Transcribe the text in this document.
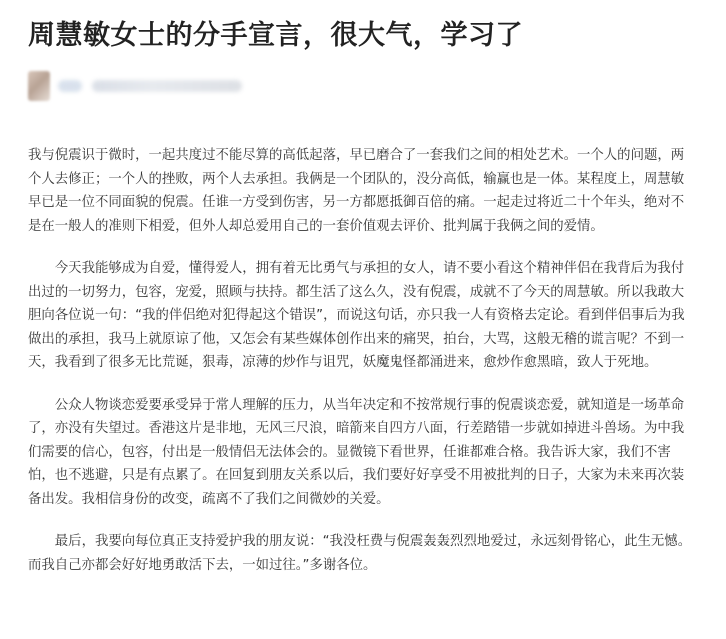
周慧敏女士的分手宣言，很大气，学习了

我与倪震识于微时，一起共度过不能尽算的高低起落，早已磨合了一套我们之间的相处艺术。一个人的问题，两个人去修正；一个人的挫败，两个人去承担。我俩是一个团队的，没分高低，输赢也是一体。某程度上，周慧敏早已是一位不同面貌的倪震。任谁一方受到伤害，另一方都愿抵御百倍的痛。一起走过将近二十个年头，绝对不是在一般人的准则下相爱，但外人却总爱用自己的一套价值观去评价、批判属于我俩之间的爱情。

今天我能够成为自爱，懂得爱人，拥有着无比勇气与承担的女人，请不要小看这个精神伴侣在我背后为我付出过的一切努力，包容，宠爱，照顾与扶持。都生活了这么久，没有倪震，成就不了今天的周慧敏。所以我敢大胆向各位说一句：“我的伴侣绝对犯得起这个错误”，而说这句话，亦只我一人有资格去定论。看到伴侣事后为我做出的承担，我马上就原谅了他，又怎会有某些媒体创作出来的痛哭，拍台，大骂，这般无稽的谎言呢？不到一天，我看到了很多无比荒诞，狠毒，凉薄的炒作与诅咒，妖魔鬼怪都涌进来，愈炒作愈黑暗，致人于死地。

公众人物谈恋爱要承受异于常人理解的压力，从当年决定和不按常规行事的倪震谈恋爱，就知道是一场革命了，亦没有失望过。香港这片是非地，无风三尺浪，暗箭来自四方八面，行差踏错一步就如掉进斗兽场。为中我们需要的信心，包容，付出是一般情侣无法体会的。显微镜下看世界，任谁都难合格。我告诉大家，我们不害怕，也不逃避，只是有点累了。在回复到朋友关系以后，我们要好好享受不用被批判的日子，大家为未来再次装备出发。我相信身份的改变，疏离不了我们之间微妙的关爱。

最后，我要向每位真正支持爱护我的朋友说：“我没枉费与倪震轰轰烈烈地爱过，永远刻骨铭心，此生无憾。而我自己亦都会好好地勇敢活下去，一如过往。”多谢各位。
